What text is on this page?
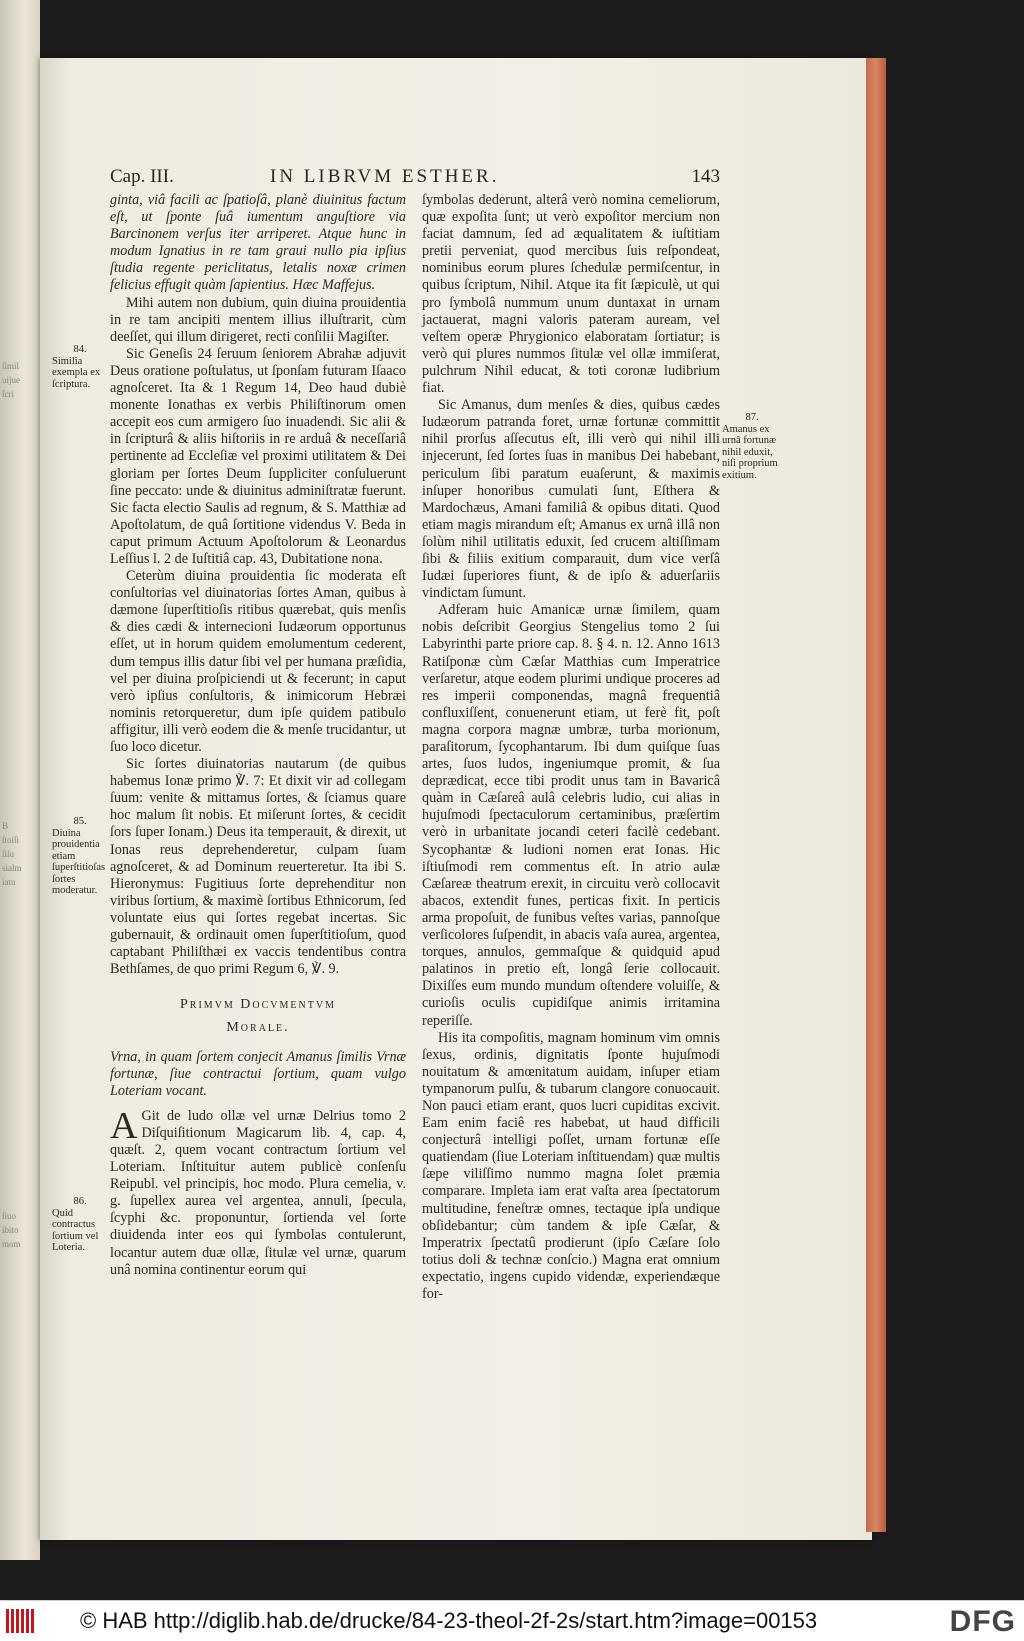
ſimil
uijue
ſcri
B
ſtoiſi
ſiſu
sialm
iatu
ſiuo
ibito
mom
Cap. III.	IN LIBRVM ESTHER.	143

ginta, viâ facili ac ſpatioſâ, planè diuinitus factum eſt, ut ſponte ſuâ iumentum anguſtiore via Barcinonem verſus iter arriperet. Atque hunc in modum Ignatius in re tam graui nullo pia ipſius ſtudia regente periclitatus, letalis noxæ crimen felicius effugit quàm ſapientius. Hæc Maffejus.

Mihi autem non dubium, quin diuina prouidentia in re tam ancipiti mentem illius illuſtrarit, cùm deeſſet, qui illum dirigeret, recti conſilii Magiſter.

Sic Geneſis 24 ſeruum ſeniorem Abrahæ adjuvit Deus oratione poſtulatus, ut ſponſam futuram Iſaaco agnoſceret. Ita & 1 Regum 14, Deo haud dubiè monente Ionathas ex verbis Philiſtinorum omen accepit eos cum armigero ſuo inuadendi. Sic alii & in ſcripturâ & aliis hiſtoriis in re arduâ & neceſſariâ pertinente ad Eccleſiæ vel proximi utilitatem & Dei gloriam per ſortes Deum ſuppliciter conſuluerunt ſine peccato: unde & diuinitus adminiſtratæ fuerunt. Sic facta electio Saulis ad regnum, & S. Matthiæ ad Apoſtolatum, de quâ ſortitione videndus V. Beda in caput primum Actuum Apoſtolorum & Leonardus Leſſius l. 2 de Iuſtitiâ cap. 43, Dubitatione nona.

Ceterùm diuina prouidentia ſic moderata eſt conſultorias vel diuinatorias ſortes Aman, quibus à dæmone ſuperſtitioſis ritibus quærebat, quis menſis & dies cædi & internecioni Iudæorum opportunus eſſet, ut in horum quidem emolumentum cederent, dum tempus illis datur ſibi vel per humana præſidia, vel per diuina proſpiciendi ut & fecerunt; in caput verò ipſius conſultoris, & inimicorum Hebræi nominis retorqueretur, dum ipſe quidem patibulo affigitur, illi verò eodem die & menſe trucidantur, ut ſuo loco dicetur.

Sic ſortes diuinatorias nautarum (de quibus habemus Ionæ primo ℣. 7: Et dixit vir ad collegam ſuum: venite & mittamus ſortes, & ſciamus quare hoc malum ſit nobis. Et miſerunt ſortes, & cecidit ſors ſuper Ionam.) Deus ita temperauit, & direxit, ut Ionas reus deprehenderetur, culpam ſuam agnoſceret, & ad Dominum reuerteretur. Ita ibi S. Hieronymus: Fugitiuus ſorte deprehenditur non viribus ſortium, & maximè ſortibus Ethnicorum, ſed voluntate eius qui ſortes regebat incertas. Sic gubernauit, & ordinauit omen ſuperſtitioſum, quod captabant Philiſthæi ex vaccis tendentibus contra Bethſames, de quo primi Regum 6, ℣. 9.

Primvm Docvmentvm
Morale.

Vrna, in quam ſortem conjecit Amanus ſimilis Vrnæ fortunæ, ſiue contractui ſortium, quam vulgo Loteriam vocant.

A Git de ludo ollæ vel urnæ Delrius tomo 2 Diſquiſitionum Magicarum lib. 4, cap. 4, quæſt. 2, quem vocant contractum ſortium vel Loteriam. Inſtituitur autem publicè conſenſu Reipubl. vel principis, hoc modo. Plura cemelia, v. g. ſupellex aurea vel argentea, annuli, ſpecula, ſcyphi &c. proponuntur, ſortienda vel ſorte diuidenda inter eos qui ſymbolas contulerunt, locantur autem duæ ollæ, ſitulæ vel urnæ, quarum unâ nomina continentur eorum qui

ſymbolas dederunt, alterâ verò nomina cemeliorum, quæ expoſita ſunt; ut verò expoſitor mercium non faciat damnum, ſed ad æqualitatem & iuſtitiam pretii perveniat, quod mercibus ſuis reſpondeat, nominibus eorum plures ſchedulæ permiſcentur, in quibus ſcriptum, Nihil. Atque ita fit ſæpiculè, ut qui pro ſymbolâ nummum unum duntaxat in urnam jactauerat, magni valoris pateram auream, vel veſtem operæ Phrygionico elaboratam ſortiatur; is verò qui plures nummos ſitulæ vel ollæ immiſerat, pulchrum Nihil educat, & toti coronæ ludibrium fiat.

Sic Amanus, dum menſes & dies, quibus cædes Iudæorum patranda foret, urnæ fortunæ committit nihil prorſus aſſecutus eſt, illi verò qui nihil illi injecerunt, ſed ſortes ſuas in manibus Dei habebant, periculum ſibi paratum euaſerunt, & maximis inſuper honoribus cumulati ſunt, Eſthera & Mardochæus, Amani familiâ & opibus ditati. Quod etiam magis mirandum eſt; Amanus ex urnâ illâ non ſolùm nihil utilitatis eduxit, ſed crucem altiſſimam ſibi & filiis exitium comparauit, dum vice verſâ Iudæi ſuperiores fiunt, & de ipſo & aduerſariis vindictam ſumunt.

Adferam huic Amanicæ urnæ ſimilem, quam nobis deſcribit Georgius Stengelius tomo 2 ſui Labyrinthi parte priore cap. 8. § 4. n. 12. Anno 1613 Ratiſponæ cùm Cæſar Matthias cum Imperatrice verſaretur, atque eodem plurimi undique proceres ad res imperii componendas, magnâ frequentiâ confluxiſſent, conuenerunt etiam, ut ferè fit, poſt magna corpora magnæ umbræ, turba morionum, paraſitorum, ſycophantarum. Ibi dum quiſque ſuas artes, ſuos ludos, ingeniumque promit, & ſua deprædicat, ecce tibi prodit unus tam in Bavaricâ quàm in Cæſareâ aulâ celebris ludio, cui alias in hujuſmodi ſpectaculorum certaminibus, præſertim verò in urbanitate jocandi ceteri facilè cedebant. Sycophantæ & ludioni nomen erat Ionas. Hic iſtiuſmodi rem commentus eſt. In atrio aulæ Cæſareæ theatrum erexit, in circuitu verò collocavit abacos, extendit funes, perticas fixit. In perticis arma propoſuit, de funibus veſtes varias, pannoſque verſicolores ſuſpendit, in abacis vaſa aurea, argentea, torques, annulos, gemmaſque & quidquid apud palatinos in pretio eſt, longâ ſerie collocauit. Dixiſſes eum mundo mundum oſtendere voluiſſe, & curioſis oculis cupidiſque animis irritamina reperiſſe.

His ita compoſitis, magnam hominum vim omnis ſexus, ordinis, dignitatis ſponte hujuſmodi nouitatum & amœnitatum auidam, inſuper etiam tympanorum pulſu, & tubarum clangore conuocauit. Non pauci etiam erant, quos lucri cupiditas excivit. Eam enim faciê res habebat, ut haud difficili conjecturâ intelligi poſſet, urnam fortunæ eſſe quatiendam (ſiue Loteriam inſtituendam) quæ multis ſæpe viliſſimo nummo magna ſolet præmia comparare. Impleta iam erat vaſta area ſpectatorum multitudine, feneſtræ omnes, tectaque ipſa undique obſidebantur; cùm tandem & ipſe Cæſar, & Imperatrix ſpectatû prodierunt (ipſo Cæſare ſolo totius doli & technæ conſcio.) Magna erat omnium expectatio, ingens cupido videndæ, experiendæque for-

84.
Similia exempla ex ſcriptura.
85.
Diuina prouidentia etiam ſuperſtitioſas ſortes moderatur.
86.
Quid contractus ſortium vel Loteria.
87.
Amanus ex urnâ fortunæ nihil eduxit, niſi proprium exitium.
© HAB http://diglib.hab.de/drucke/84-23-theol-2f-2s/start.htm?image=00153	DFG
